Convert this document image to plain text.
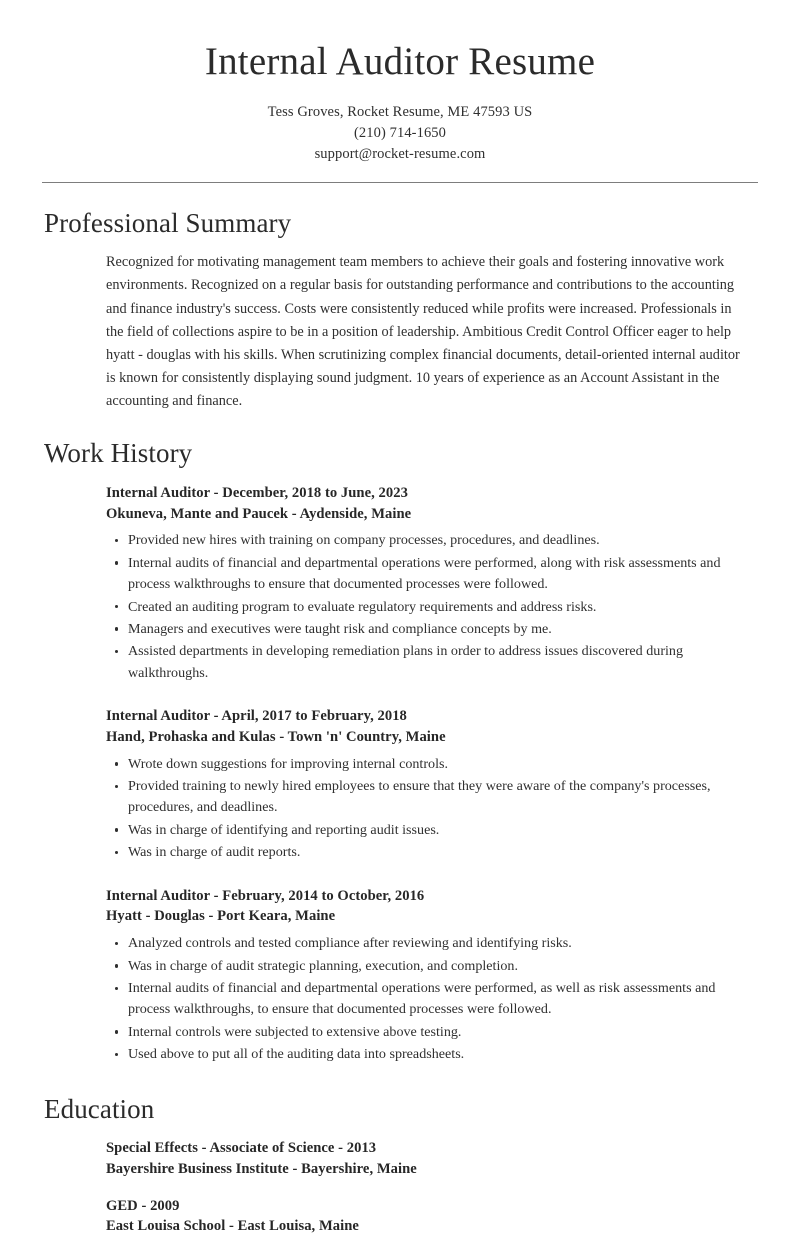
Internal Auditor Resume
Tess Groves, Rocket Resume, ME 47593 US
(210) 714-1650
support@rocket-resume.com
Professional Summary

Recognized for motivating management team members to achieve their goals and fostering innovative work environments. Recognized on a regular basis for outstanding performance and contributions to the accounting and finance industry's success. Costs were consistently reduced while profits were increased. Professionals in the field of collections aspire to be in a position of leadership. Ambitious Credit Control Officer eager to help hyatt - douglas with his skills. When scrutinizing complex financial documents, detail-oriented internal auditor is known for consistently displaying sound judgment. 10 years of experience as an Account Assistant in the accounting and finance.

Work History
Internal Auditor - December, 2018 to June, 2023
Okuneva, Mante and Paucek - Aydenside, Maine
Provided new hires with training on company processes, procedures, and deadlines.
Internal audits of financial and departmental operations were performed, along with risk assessments and process walkthroughs to ensure that documented processes were followed.
Created an auditing program to evaluate regulatory requirements and address risks.
Managers and executives were taught risk and compliance concepts by me.
Assisted departments in developing remediation plans in order to address issues discovered during walkthroughs.
Internal Auditor - April, 2017 to February, 2018
Hand, Prohaska and Kulas - Town 'n' Country, Maine
Wrote down suggestions for improving internal controls.
Provided training to newly hired employees to ensure that they were aware of the company's processes, procedures, and deadlines.
Was in charge of identifying and reporting audit issues.
Was in charge of audit reports.
Internal Auditor - February, 2014 to October, 2016
Hyatt - Douglas - Port Keara, Maine
Analyzed controls and tested compliance after reviewing and identifying risks.
Was in charge of audit strategic planning, execution, and completion.
Internal audits of financial and departmental operations were performed, as well as risk assessments and process walkthroughs, to ensure that documented processes were followed.
Internal controls were subjected to extensive above testing.
Used above to put all of the auditing data into spreadsheets.
Education
Special Effects - Associate of Science - 2013
Bayershire Business Institute - Bayershire, Maine
GED - 2009
East Louisa School - East Louisa, Maine
